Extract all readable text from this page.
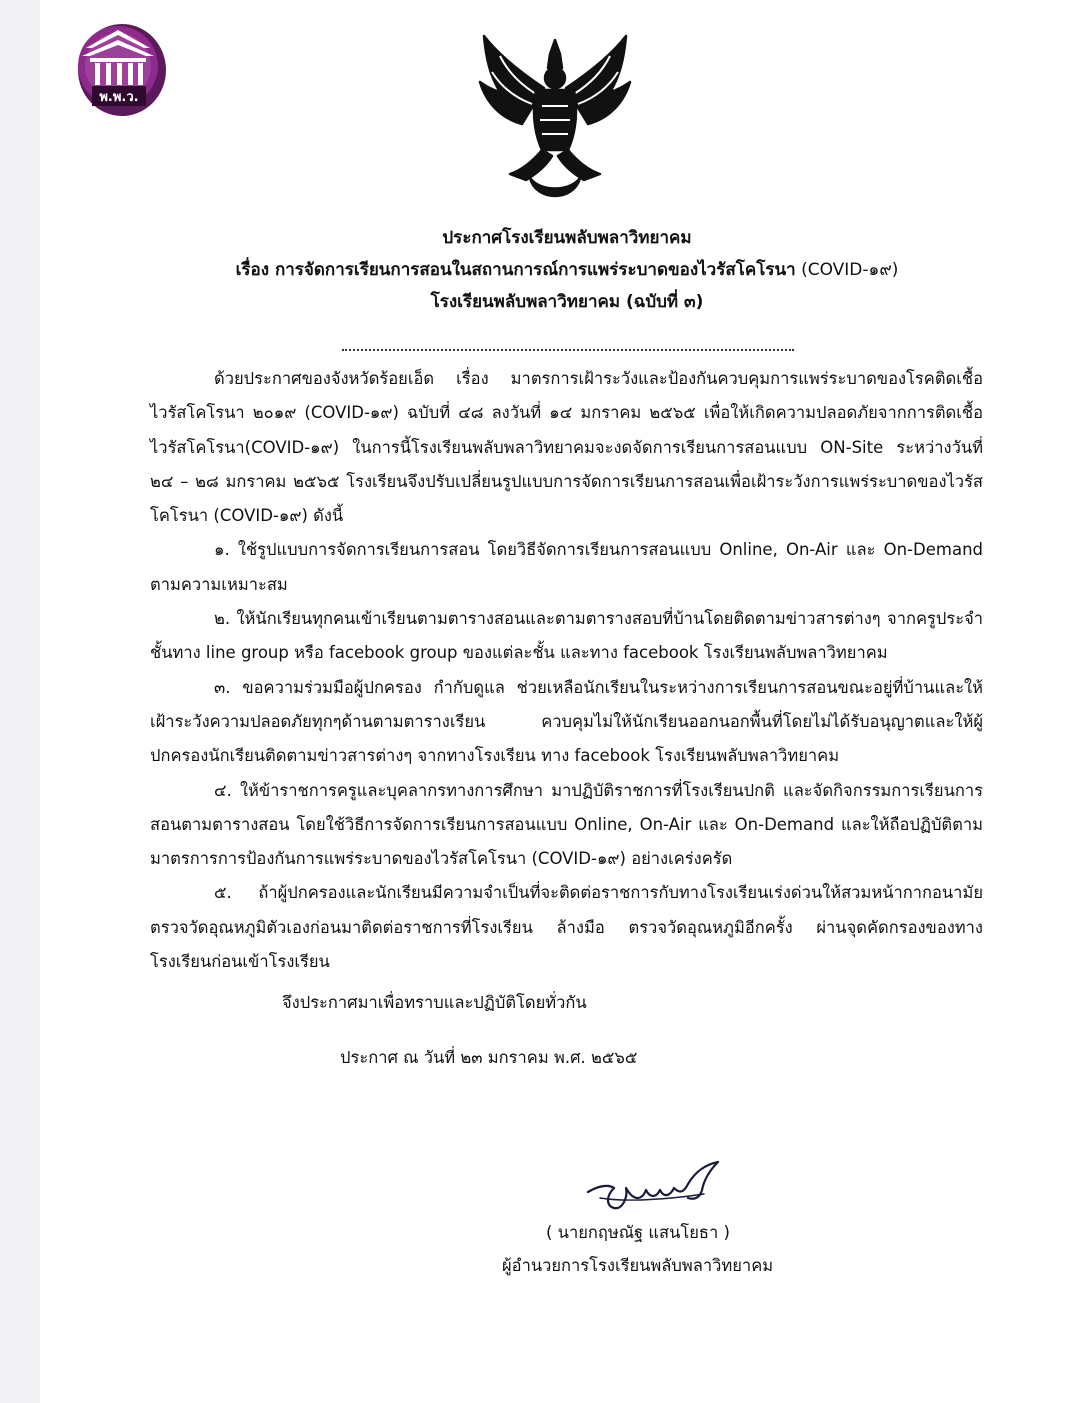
พ.พ.ว.
ประกาศโรงเรียนพลับพลาวิทยาคม
เรื่อง การจัดการเรียนการสอนในสถานการณ์การแพร่ระบาดของไวรัสโคโรนา (COVID-๑๙)
โรงเรียนพลับพลาวิทยาคม (ฉบับที่ ๓)

ด้วยประกาศของจังหวัดร้อยเอ็ด เรื่อง มาตรการเฝ้าระวังและป้องกันควบคุมการแพร่ระบาดของโรคติดเชื้อไวรัสโคโรนา ๒๐๑๙ (COVID-๑๙) ฉบับที่ ๔๘ ลงวันที่ ๑๔ มกราคม ๒๕๖๕ เพื่อให้เกิดความปลอดภัยจากการติดเชื้อไวรัสโคโรนา(COVID-๑๙) ในการนี้โรงเรียนพลับพลาวิทยาคมจะงดจัดการเรียนการสอนแบบ ON-Site ระหว่างวันที่ ๒๔ – ๒๘ มกราคม ๒๕๖๕ โรงเรียนจึงปรับเปลี่ยนรูปแบบการจัดการเรียนการสอนเพื่อเฝ้าระวังการแพร่ระบาดของไวรัสโคโรนา (COVID-๑๙) ดังนี้

๑. ใช้รูปแบบการจัดการเรียนการสอน โดยวิธีจัดการเรียนการสอนแบบ Online, On-Air และ On-Demand ตามความเหมาะสม

๒. ให้นักเรียนทุกคนเข้าเรียนตามตารางสอนและตามตารางสอบที่บ้านโดยติดตามข่าวสารต่างๆ จากครูประจำชั้นทาง line group หรือ facebook group ของแต่ละชั้น และทาง facebook โรงเรียนพลับพลาวิทยาคม

๓. ขอความร่วมมือผู้ปกครอง กำกับดูแล ช่วยเหลือนักเรียนในระหว่างการเรียนการสอนขณะอยู่ที่บ้านและให้เฝ้าระวังความปลอดภัยทุกๆด้านตามตารางเรียน ควบคุมไม่ให้นักเรียนออกนอกพื้นที่โดยไม่ได้รับอนุญาตและให้ผู้ปกครองนักเรียนติดตามข่าวสารต่างๆ จากทางโรงเรียน ทาง facebook โรงเรียนพลับพลาวิทยาคม

๔. ให้ข้าราชการครูและบุคลากรทางการศึกษา มาปฏิบัติราชการที่โรงเรียนปกติ และจัดกิจกรรมการเรียนการสอนตามตารางสอน โดยใช้วิธีการจัดการเรียนการสอนแบบ Online, On-Air และ On-Demand และให้ถือปฏิบัติตามมาตรการการป้องกันการแพร่ระบาดของไวรัสโคโรนา (COVID-๑๙) อย่างเคร่งครัด

๕. ถ้าผู้ปกครองและนักเรียนมีความจำเป็นที่จะติดต่อราชการกับทางโรงเรียนเร่งด่วนให้สวมหน้ากากอนามัย ตรวจวัดอุณหภูมิตัวเองก่อนมาติดต่อราชการที่โรงเรียน ล้างมือ ตรวจวัดอุณหภูมิอีกครั้ง ผ่านจุดคัดกรองของทางโรงเรียนก่อนเข้าโรงเรียน

จึงประกาศมาเพื่อทราบและปฏิบัติโดยทั่วกัน
ประกาศ ณ วันที่ ๒๓ มกราคม พ.ศ. ๒๕๖๕
( นายกฤษณัฐ แสนโยธา )
ผู้อำนวยการโรงเรียนพลับพลาวิทยาคม
